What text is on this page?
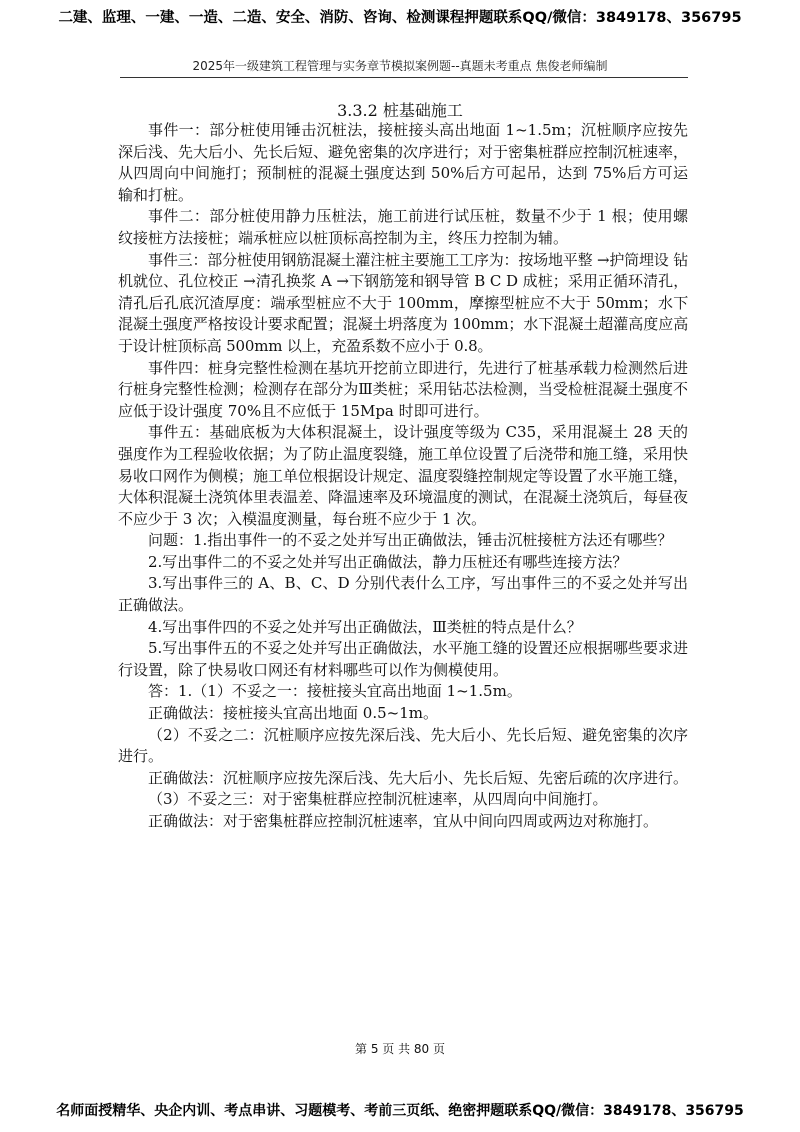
二建、监理、一建、一造、二造、安全、消防、咨询、检测课程押题联系QQ/微信：3849178、356795
2025年一级建筑工程管理与实务章节模拟案例题--真题未考重点 焦俊老师编制
3.3.2 桩基础施工

事件一：部分桩使用锤击沉桩法，接桩接头高出地面 1~1.5m；沉桩顺序应按先深后浅、先大后小、先长后短、避免密集的次序进行；对于密集桩群应控制沉桩速率，从四周向中间施打；预制桩的混凝土强度达到 50%后方可起吊，达到 75%后方可运输和打桩。

事件二：部分桩使用静力压桩法，施工前进行试压桩，数量不少于 1 根；使用螺纹接桩方法接桩；端承桩应以桩顶标高控制为主，终压力控制为辅。

事件三：部分桩使用钢筋混凝土灌注桩主要施工工序为：按场地平整 →护筒埋设 钻机就位、孔位校正 →清孔换浆 A →下钢筋笼和钢导管 B C D 成桩；采用正循环清孔，清孔后孔底沉渣厚度：端承型桩应不大于 100mm，摩擦型桩应不大于 50mm；水下混凝土强度严格按设计要求配置；混凝土坍落度为 100mm；水下混凝土超灌高度应高于设计桩顶标高 500mm 以上，充盈系数不应小于 0.8。

事件四：桩身完整性检测在基坑开挖前立即进行，先进行了桩基承载力检测然后进行桩身完整性检测；检测存在部分为Ⅲ类桩；采用钻芯法检测，当受检桩混凝土强度不应低于设计强度 70%且不应低于 15Mpa 时即可进行。

事件五：基础底板为大体积混凝土，设计强度等级为 C35，采用混凝土 28 天的强度作为工程验收依据；为了防止温度裂缝，施工单位设置了后浇带和施工缝，采用快易收口网作为侧模；施工单位根据设计规定、温度裂缝控制规定等设置了水平施工缝，大体积混凝土浇筑体里表温差、降温速率及环境温度的测试，在混凝土浇筑后，每昼夜不应少于 3 次；入模温度测量，每台班不应少于 1 次。

问题：1.指出事件一的不妥之处并写出正确做法，锤击沉桩接桩方法还有哪些？

2.写出事件二的不妥之处并写出正确做法，静力压桩还有哪些连接方法？

3.写出事件三的 A、B、C、D 分别代表什么工序，写出事件三的不妥之处并写出正确做法。

4.写出事件四的不妥之处并写出正确做法，Ⅲ类桩的特点是什么？

5.写出事件五的不妥之处并写出正确做法，水平施工缝的设置还应根据哪些要求进行设置，除了快易收口网还有材料哪些可以作为侧模使用。

答：1.（1）不妥之一：接桩接头宜高出地面 1~1.5m。

正确做法：接桩接头宜高出地面 0.5~1m。

（2）不妥之二：沉桩顺序应按先深后浅、先大后小、先长后短、避免密集的次序进行。

正确做法：沉桩顺序应按先深后浅、先大后小、先长后短、先密后疏的次序进行。

（3）不妥之三：对于密集桩群应控制沉桩速率，从四周向中间施打。

正确做法：对于密集桩群应控制沉桩速率，宜从中间向四周或两边对称施打。

第 5 页 共 80 页
名师面授精华、央企内训、考点串讲、习题模考、考前三页纸、绝密押题联系QQ/微信：3849178、356795
